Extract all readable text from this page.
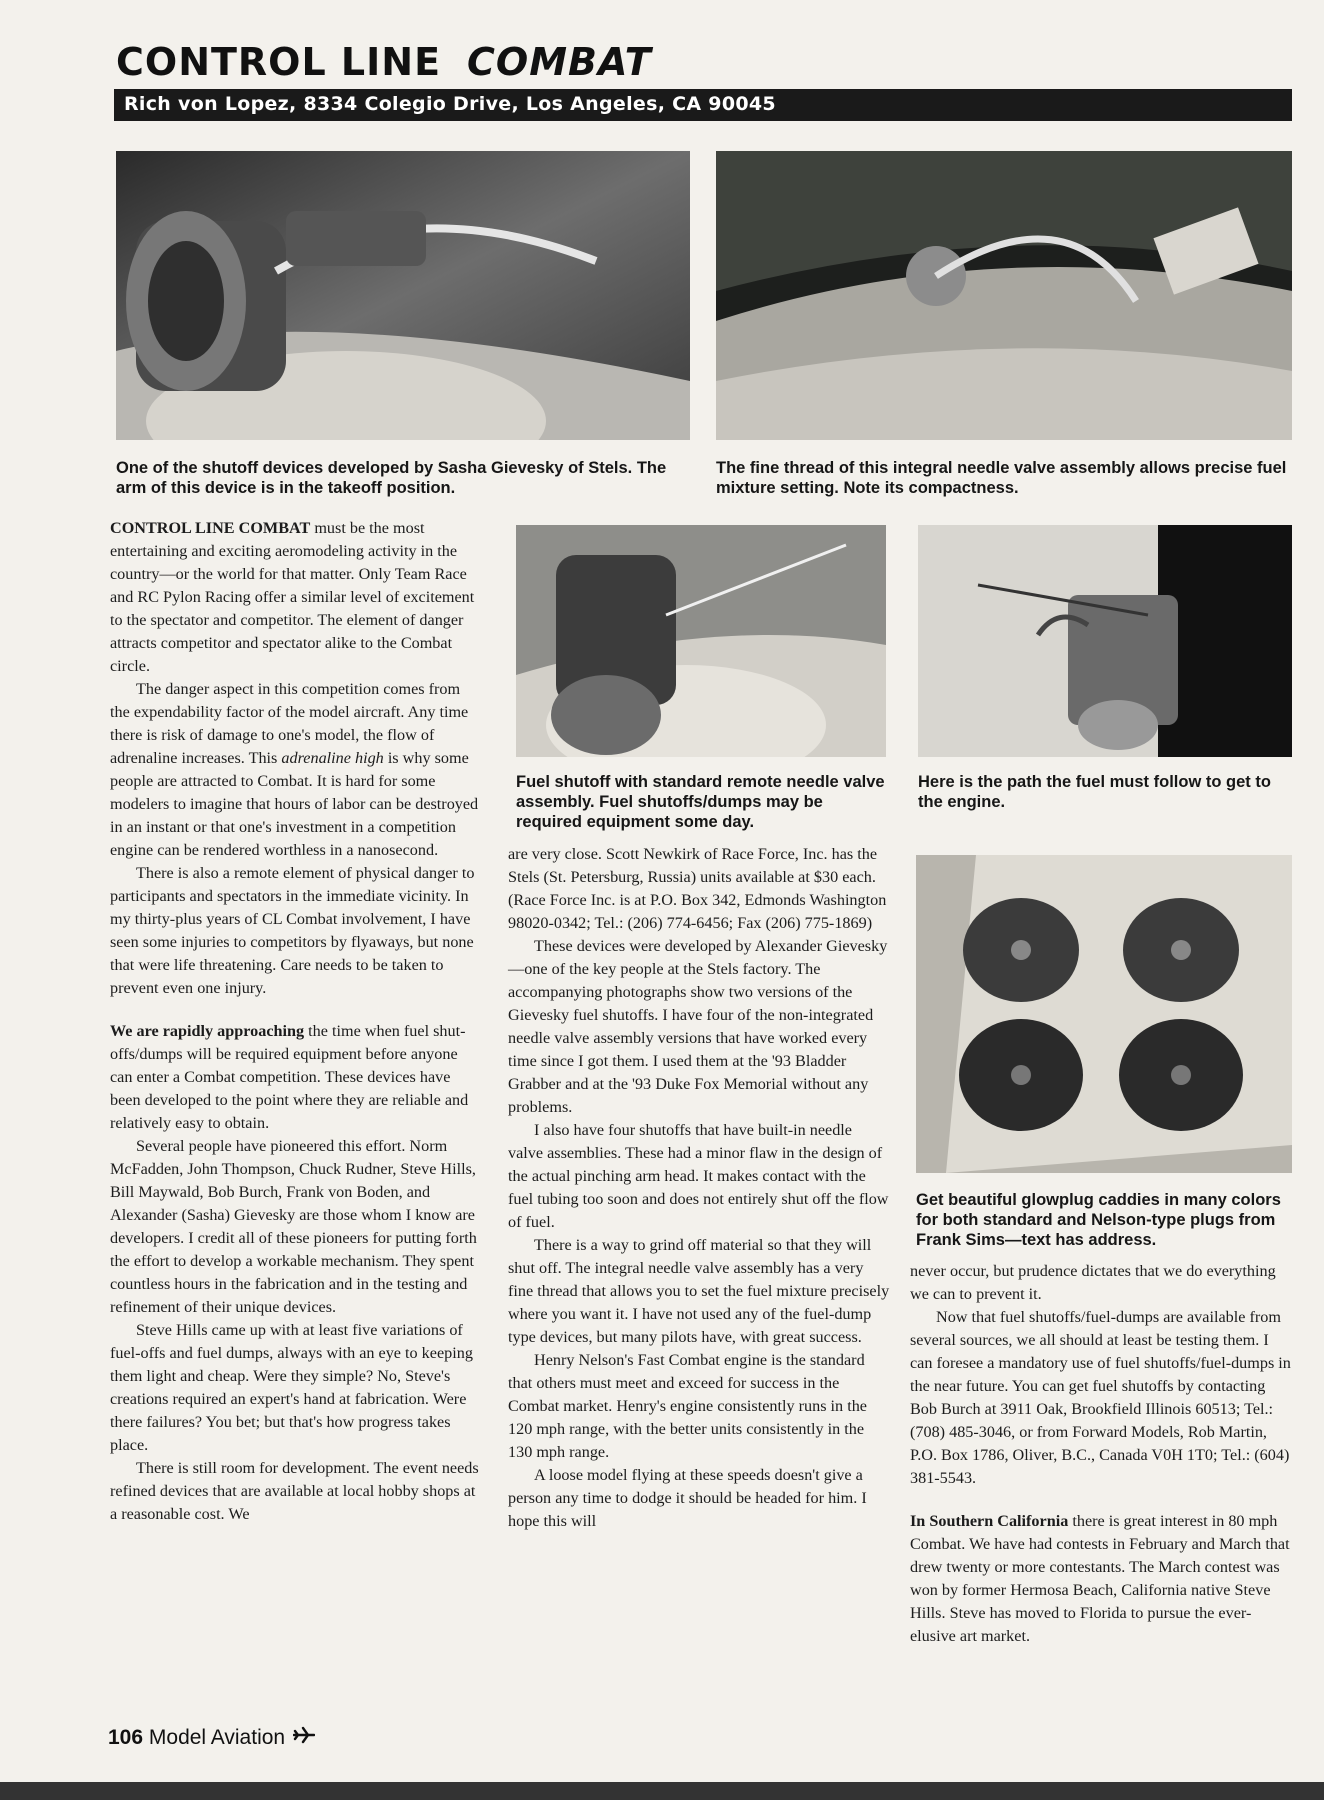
CONTROL LINE COMBAT
Rich von Lopez, 8334 Colegio Drive, Los Angeles, CA 90045
One of the shutoff devices developed by Sasha Gievesky of Stels. The arm of this device is in the takeoff position.
The fine thread of this integral needle valve assembly allows precise fuel mixture setting. Note its compactness.
Fuel shutoff with standard remote needle valve assembly. Fuel shutoffs/dumps may be required equipment some day.
Here is the path the fuel must follow to get to the engine.
Get beautiful glowplug caddies in many colors for both standard and Nelson-type plugs from Frank Sims—text has address.

CONTROL LINE COMBAT must be the most entertaining and exciting aeromodeling activity in the country—or the world for that matter. Only Team Race and RC Pylon Racing offer a similar level of excitement to the spectator and competitor. The element of danger attracts competitor and spectator alike to the Combat circle.

The danger aspect in this competition comes from the expendability factor of the model aircraft. Any time there is risk of damage to one's model, the flow of adrenaline increases. This adrenaline high is why some people are attracted to Combat. It is hard for some modelers to imagine that hours of labor can be destroyed in an instant or that one's investment in a competition engine can be rendered worthless in a nanosecond.

There is also a remote element of physical danger to participants and spectators in the immediate vicinity. In my thirty-plus years of CL Combat involvement, I have seen some injuries to competitors by flyaways, but none that were life threatening. Care needs to be taken to prevent even one injury.

We are rapidly approaching the time when fuel shut-offs/dumps will be required equipment before anyone can enter a Combat competition. These devices have been developed to the point where they are reliable and relatively easy to obtain.

Several people have pioneered this effort. Norm McFadden, John Thompson, Chuck Rudner, Steve Hills, Bill Maywald, Bob Burch, Frank von Boden, and Alexander (Sasha) Gievesky are those whom I know are developers. I credit all of these pioneers for putting forth the effort to develop a workable mechanism. They spent countless hours in the fabrication and in the testing and refinement of their unique devices.

Steve Hills came up with at least five variations of fuel-offs and fuel dumps, always with an eye to keeping them light and cheap. Were they simple? No, Steve's creations required an expert's hand at fabrication. Were there failures? You bet; but that's how progress takes place.

There is still room for development. The event needs refined devices that are available at local hobby shops at a reasonable cost. We

are very close. Scott Newkirk of Race Force, Inc. has the Stels (St. Petersburg, Russia) units available at $30 each. (Race Force Inc. is at P.O. Box 342, Edmonds Washington 98020-0342; Tel.: (206) 774-6456; Fax (206) 775-1869)

These devices were developed by Alexander Gievesky—one of the key people at the Stels factory. The accompanying photographs show two versions of the Gievesky fuel shutoffs. I have four of the non-integrated needle valve assembly versions that have worked every time since I got them. I used them at the '93 Bladder Grabber and at the '93 Duke Fox Memorial without any problems.

I also have four shutoffs that have built-in needle valve assemblies. These had a minor flaw in the design of the actual pinching arm head. It makes contact with the fuel tubing too soon and does not entirely shut off the flow of fuel.

There is a way to grind off material so that they will shut off. The integral needle valve assembly has a very fine thread that allows you to set the fuel mixture precisely where you want it. I have not used any of the fuel-dump type devices, but many pilots have, with great success.

Henry Nelson's Fast Combat engine is the standard that others must meet and exceed for success in the Combat market. Henry's engine consistently runs in the 120 mph range, with the better units consistently in the 130 mph range.

A loose model flying at these speeds doesn't give a person any time to dodge it should be headed for him. I hope this will

never occur, but prudence dictates that we do everything we can to prevent it.

Now that fuel shutoffs/fuel-dumps are available from several sources, we all should at least be testing them. I can foresee a mandatory use of fuel shutoffs/fuel-dumps in the near future. You can get fuel shutoffs by contacting Bob Burch at 3911 Oak, Brookfield Illinois 60513; Tel.: (708) 485-3046, or from Forward Models, Rob Martin, P.O. Box 1786, Oliver, B.C., Canada V0H 1T0; Tel.: (604) 381-5543.

In Southern California there is great interest in 80 mph Combat. We have had contests in February and March that drew twenty or more contestants. The March contest was won by former Hermosa Beach, California native Steve Hills. Steve has moved to Florida to pursue the ever-elusive art market.

106 Model Aviation
